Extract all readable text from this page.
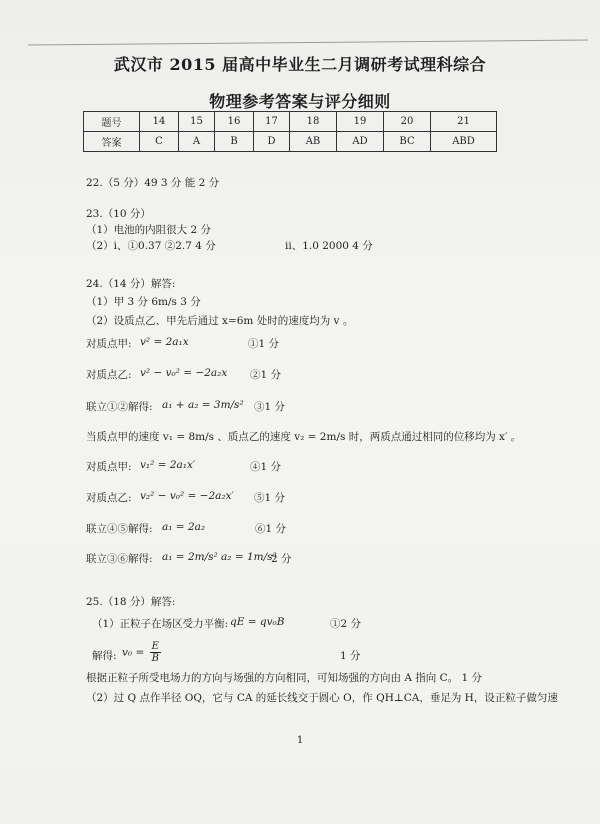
武汉市 2015 届高中毕业生二月调研考试理科综合
物理参考答案与评分细则
题号	14	15	16	17	18	19	20	21
答案	C	A	B	D	AB	AD	BC	ABD
22.（5 分）49 3 分 能 2 分
23.（10 分）
（1）电池的内阻很大 2 分
（2）ⅰ、①0.37 ②2.7 4 分	ⅱ、1.0 2000 4 分
24.（14 分）解答:
（1）甲 3 分 6m/s 3 分
（2）设质点乙、甲先后通过 x=6m 处时的速度均为 v 。
对质点甲: v² = 2a₁x	①1 分
对质点乙: v² − v₀² = −2a₂x ②1 分
联立①②解得: a₁ + a₂ = 3m/s² ③1 分
当质点甲的速度 v₁ = 8m/s 、质点乙的速度 v₂ = 2m/s 时，两质点通过相同的位移均为 x′ 。
对质点甲: v₁² = 2a₁x′	④1 分
对质点乙: v₂² − v₀² = −2a₂x′ ⑤1 分
联立④⑤解得: a₁ = 2a₂	⑥1 分
联立③⑥解得: a₁ = 2m/s² a₂ = 1m/s²
2 分
25.（18 分）解答:
（1）正粒子在场区受力平衡: qE = qv₀B	①2 分
解得: $v_0 = \frac{E}{B}$	1 分
根据正粒子所受电场力的方向与场强的方向相同，可知场强的方向由 A 指向 C。 1 分
（2）过 Q 点作半径 OQ，它与 CA 的延长线交于圆心 O，作 QH⊥CA，垂足为 H，设正粒子做匀速
1
